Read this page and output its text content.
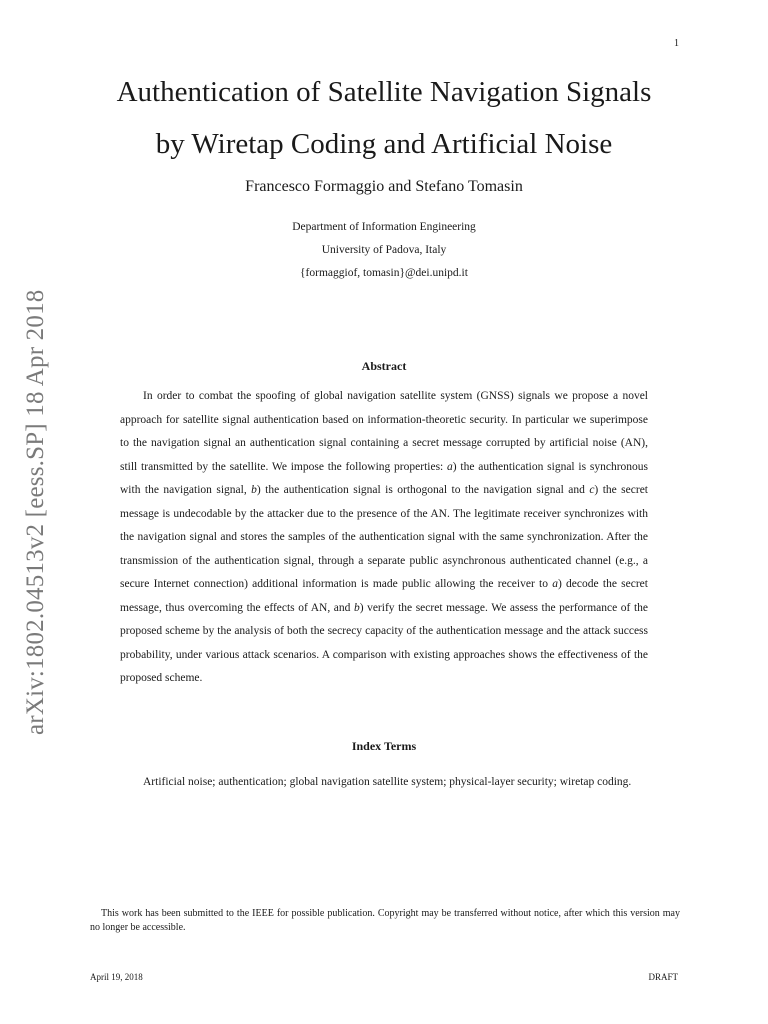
1
arXiv:1802.04513v2 [eess.SP] 18 Apr 2018
Authentication of Satellite Navigation Signals
by Wiretap Coding and Artificial Noise
Francesco Formaggio and Stefano Tomasin
Department of Information Engineering
University of Padova, Italy
{formaggiof, tomasin}@dei.unipd.it
Abstract

In order to combat the spoofing of global navigation satellite system (GNSS) signals we propose a novel approach for satellite signal authentication based on information-theoretic security. In particular we superimpose to the navigation signal an authentication signal containing a secret message corrupted by artificial noise (AN), still transmitted by the satellite. We impose the following properties: a) the authentication signal is synchronous with the navigation signal, b) the authentication signal is orthogonal to the navigation signal and c) the secret message is undecodable by the attacker due to the presence of the AN. The legitimate receiver synchronizes with the navigation signal and stores the samples of the authentication signal with the same synchronization. After the transmission of the authentication signal, through a separate public asynchronous authenticated channel (e.g., a secure Internet connection) additional information is made public allowing the receiver to a) decode the secret message, thus overcoming the effects of AN, and b) verify the secret message. We assess the performance of the proposed scheme by the analysis of both the secrecy capacity of the authentication message and the attack success probability, under various attack scenarios. A comparison with existing approaches shows the effectiveness of the proposed scheme.

Index Terms

Artificial noise; authentication; global navigation satellite system; physical-layer security; wiretap coding.

This work has been submitted to the IEEE for possible publication. Copyright may be transferred without notice, after which this version may no longer be accessible.

April 19, 2018	DRAFT
